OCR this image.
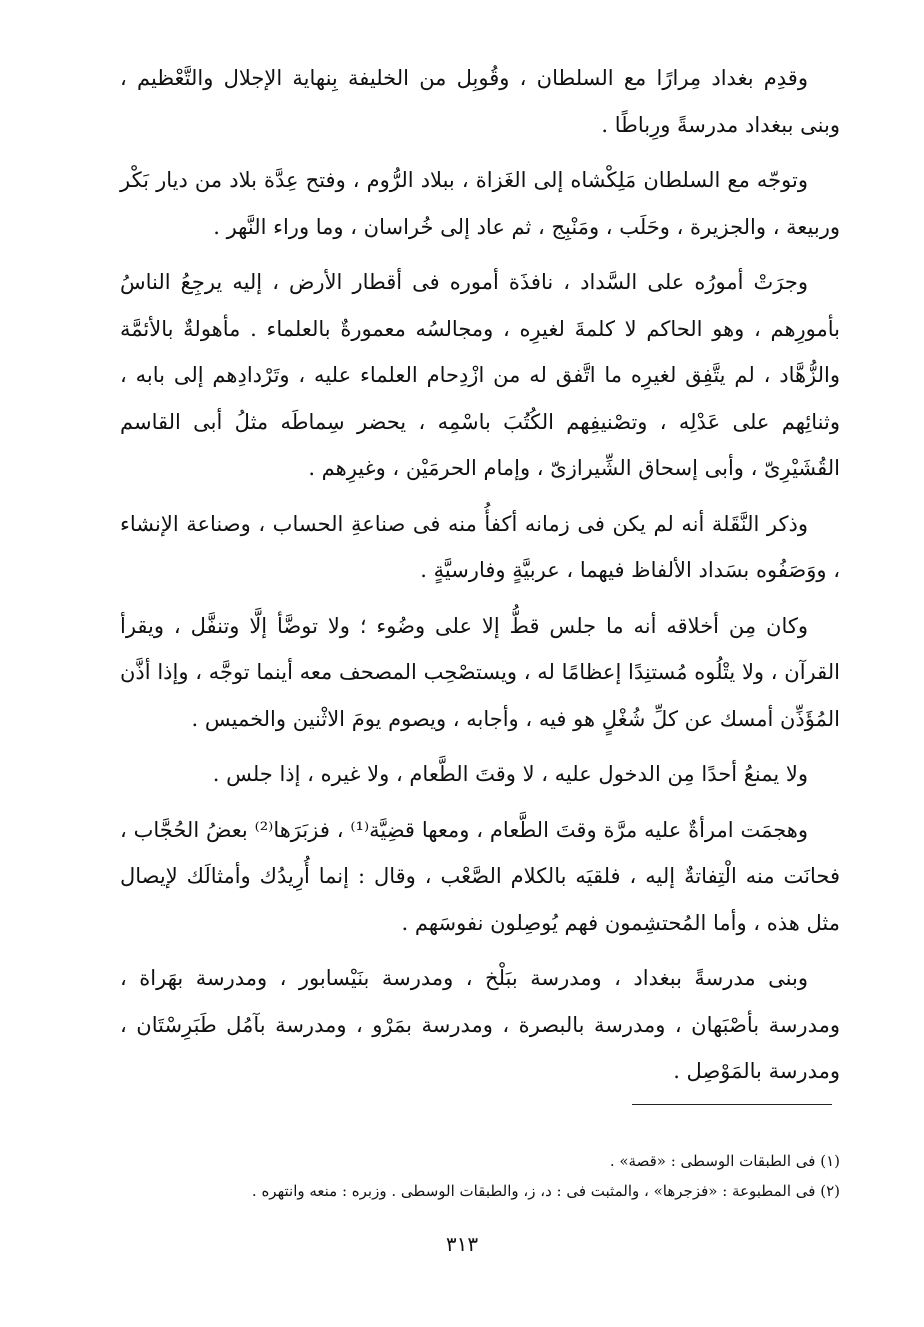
وقدِم بغداد مِرارًا مع السلطان ، وقُوبِل من الخليفة بِنهاية الإجلال والتَّعْظيم ، وبنى ببغداد مدرسةً ورِباطًا .

وتوجّه مع السلطان مَلِكْشاه إلى الغَزاة ، ببلاد الرُّوم ، وفتح عِدَّة بلاد من ديار بَكْر وربيعة ، والجزيرة ، وحَلَب ، ومَنْبِج ، ثم عاد إلى خُراسان ، وما وراء النَّهر .

وجرَتْ أمورُه على السَّداد ، نافذَة أموره فى أقطار الأرض ، إليه يرجِعُ الناسُ بأمورِهم ، وهو الحاكم لا كلمةَ لغيرِه ، ومجالسُه معمورةٌ بالعلماء . مأهولةٌ بالأئمَّة والزُّهَّاد ، لم يتَّفِق لغيرِه ما اتَّفق له من ازْدِحام العلماء عليه ، وتَرْدادِهم إلى بابه ، وثنائِهم على عَدْلِه ، وتصْنيفِهم الكُتُبَ باسْمِه ، يحضر سِماطَه مثلُ أبى القاسم القُشَيْرِىّ ، وأبى إسحاق الشِّيرازىّ ، وإمام الحرمَيْن ، وغيرِهم .

وذكر النَّقَلة أنه لم يكن فى زمانه أكفأُ منه فى صناعةِ الحساب ، وصناعة الإنشاء ، ووَصَفُوه بسَداد الألفاظ فيهما ، عربيَّةٍ وفارسيَّةٍ .

وكان مِن أخلاقه أنه ما جلس قطُّ إلا على وضُوء ؛ ولا توضَّأ إلَّا وتنفَّل ، ويقرأ القرآن ، ولا يتْلُوه مُستنِدًا إعظامًا له ، ويستصْحِب المصحف معه أينما توجَّه ، وإذا أذَّن المُؤَذِّن أمسك عن كلِّ شُغْلٍ هو فيه ، وأجابه ، ويصوم يومَ الاثْنين والخميس .

ولا يمنعُ أحدًا مِن الدخول عليه ، لا وقتَ الطَّعام ، ولا غيره ، إذا جلس .

وهجمَت امرأةٌ عليه مرَّة وقتَ الطَّعام ، ومعها قضِيَّة⁽¹⁾ ، فزبَرَها⁽²⁾ بعضُ الحُجَّاب ، فحانَت منه الْتِفاتةٌ إليه ، فلقيَه بالكلام الصَّعْب ، وقال : إنما أُرِيدُك وأمثالَك لإيصال مثل هذه ، وأما المُحتشِمون فهم يُوصِلون نفوسَهم .

وبنى مدرسةً ببغداد ، ومدرسة ببَلْخ ، ومدرسة بنَيْسابور ، ومدرسة بهَراة ، ومدرسة بأصْبَهان ، ومدرسة بالبصرة ، ومدرسة بمَرْو ، ومدرسة بآمُل طَبَرِسْتَان ، ومدرسة بالمَوْصِل .

(١) فى الطبقات الوسطى : «قصة» .

(٢) فى المطبوعة : «فزجرها» ، والمثبت فى : د، ز، والطبقات الوسطى . وزبره : منعه وانتهره .

٣١٣
